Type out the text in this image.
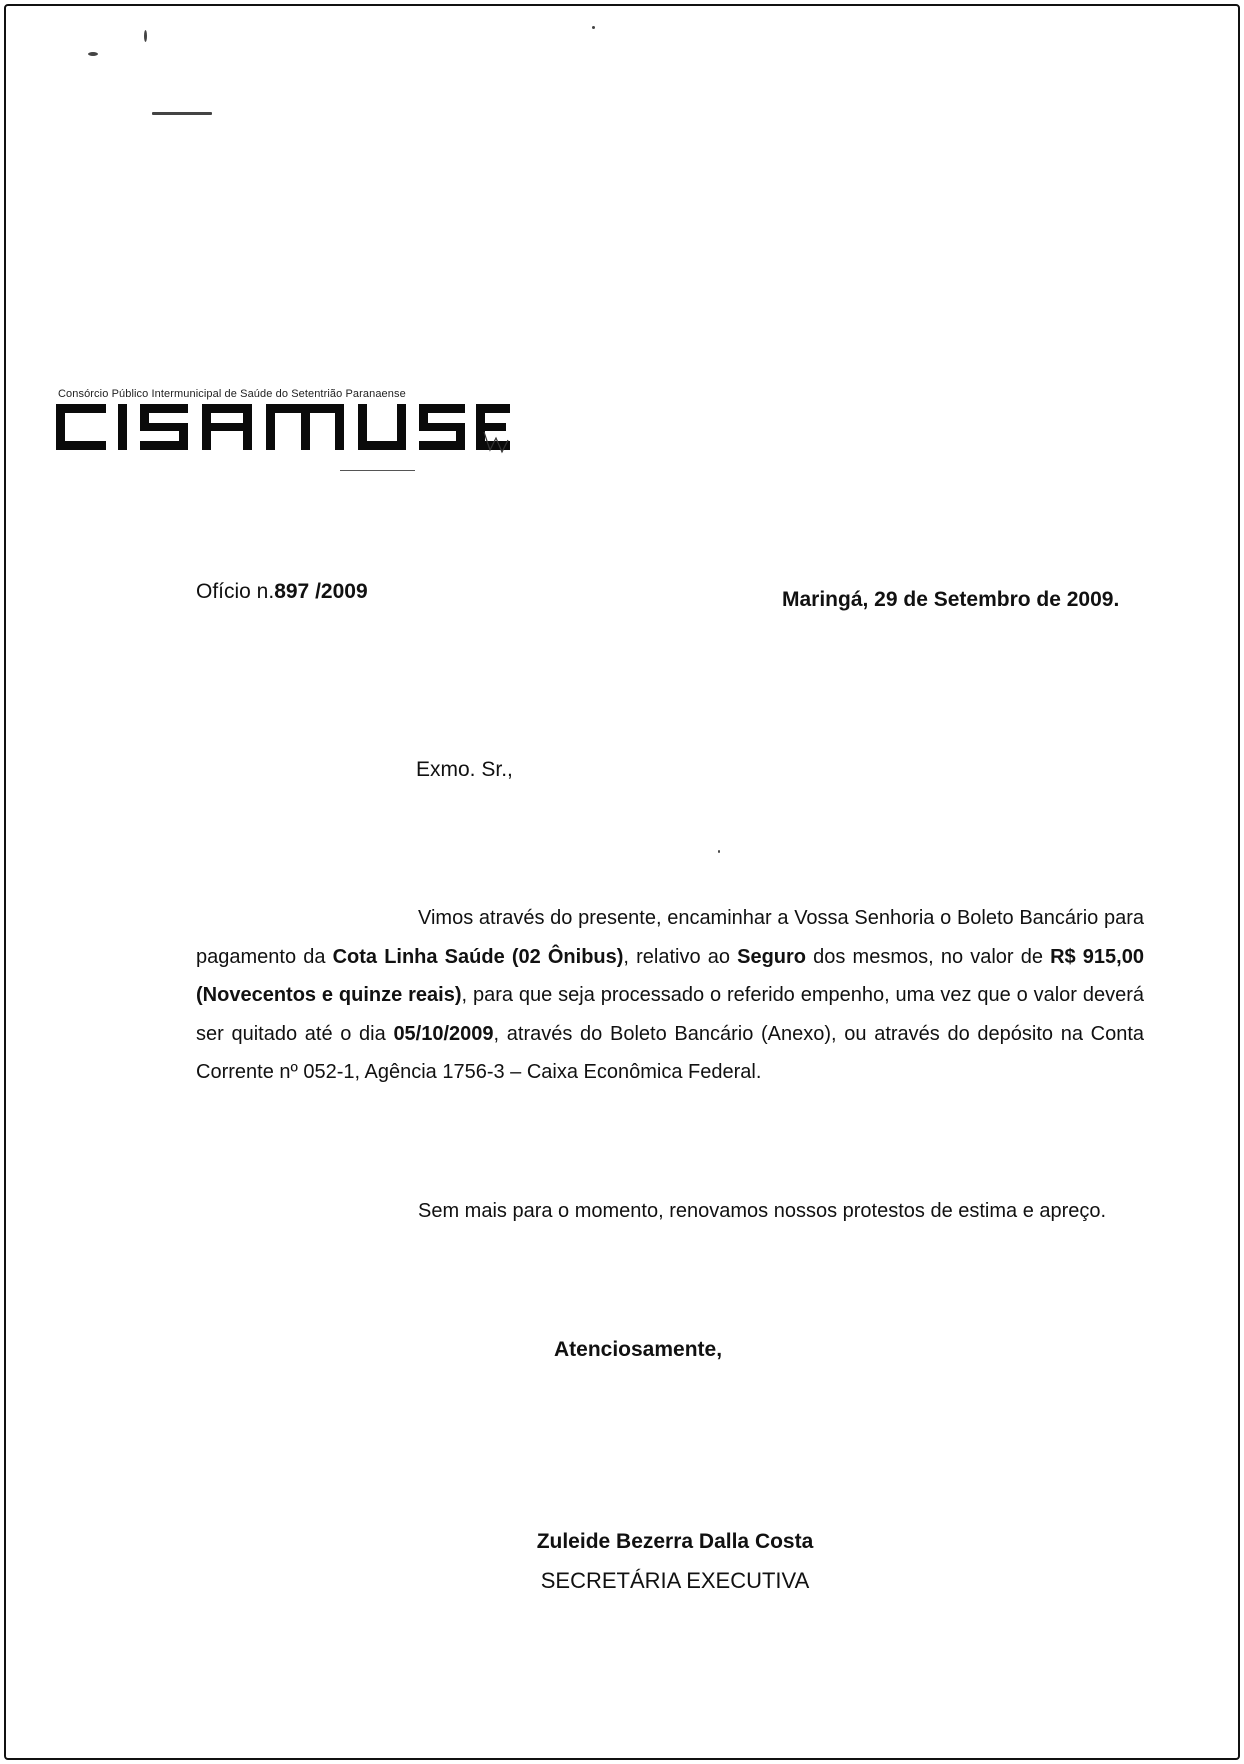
Consórcio Público Intermunicipal de Saúde do Setentrião Paranaense
Ofício n.897 /2009	Maringá, 29 de Setembro de 2009.
Exmo. Sr.,
Vimos através do presente, encaminhar a Vossa Senhoria o Boleto Bancário para pagamento da Cota Linha Saúde (02 Ônibus), relativo ao Seguro dos mesmos, no valor de R$ 915,00 (Novecentos e quinze reais), para que seja processado o referido empenho, uma vez que o valor deverá ser quitado até o dia 05/10/2009, através do Boleto Bancário (Anexo), ou através do depósito na Conta Corrente nº 052-1, Agência 1756-3 – Caixa Econômica Federal.
Sem mais para o momento, renovamos nossos protestos de estima e apreço.
Atenciosamente,
Zuleide Bezerra Dalla Costa
SECRETÁRIA EXECUTIVA
